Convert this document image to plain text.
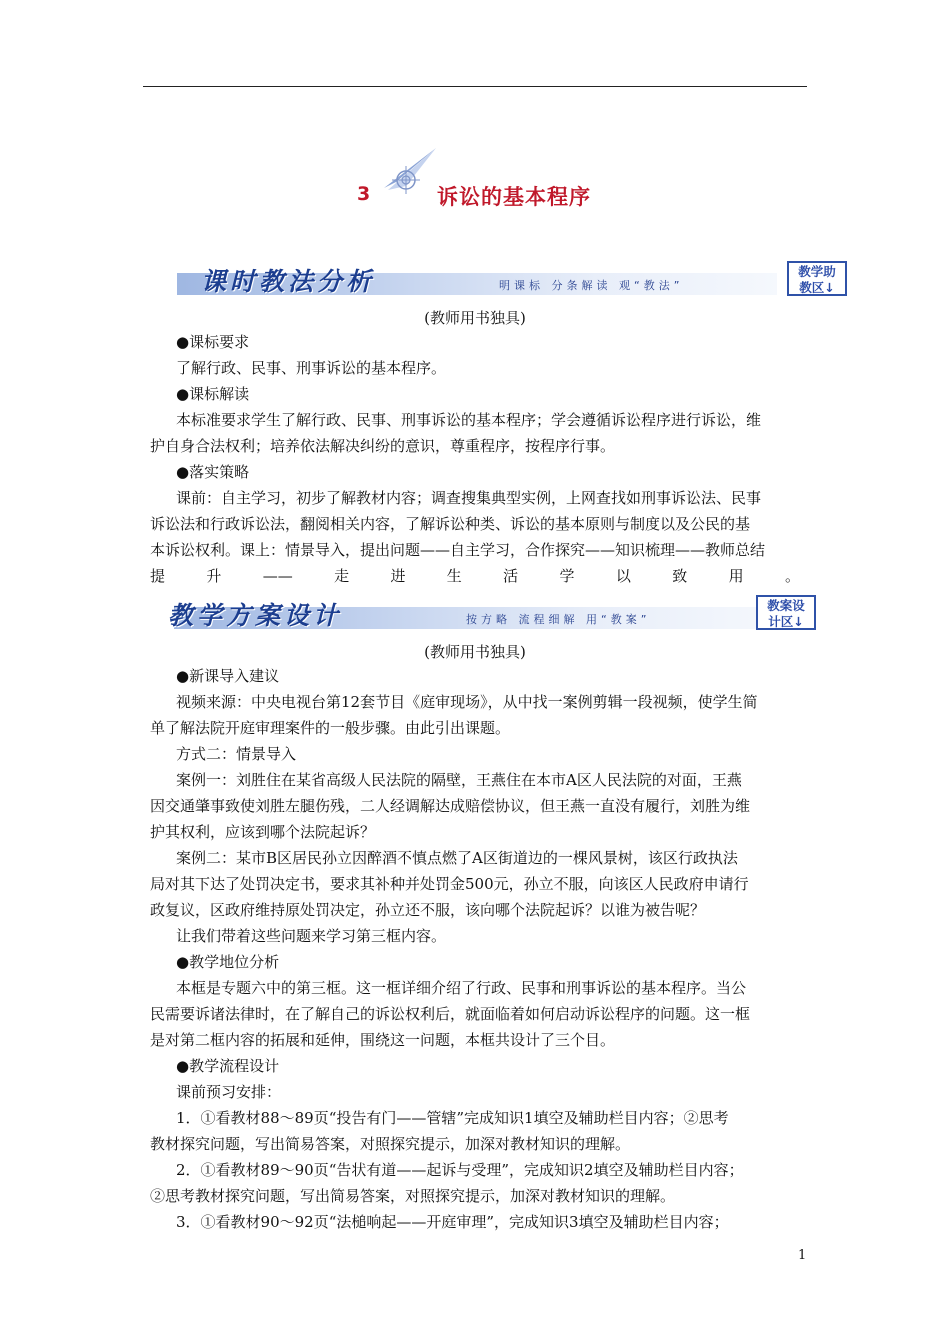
3	诉讼的基本程序
课时教法分析	明课标 分条解读 观“教法”
教学助
教区↓
(教师用书独具)
●课标要求
了解行政、民事、刑事诉讼的基本程序。
●课标解读
本标准要求学生了解行政、民事、刑事诉讼的基本程序；学会遵循诉讼程序进行诉讼，维
护自身合法权利；培养依法解决纠纷的意识，尊重程序，按程序行事。
●落实策略
课前：自主学习，初步了解教材内容；调查搜集典型实例，上网查找如刑事诉讼法、民事
诉讼法和行政诉讼法，翻阅相关内容，了解诉讼种类、诉讼的基本原则与制度以及公民的基
本诉讼权利。课上：情景导入，提出问题——自主学习，合作探究——知识梳理——教师总结
提升——走进生活学以致用。
教学方案设计	按方略 流程细解 用“教案”
教案设
计区↓
(教师用书独具)
●新课导入建议
视频来源：中央电视台第12套节目《庭审现场》，从中找一案例剪辑一段视频，使学生简
单了解法院开庭审理案件的一般步骤。由此引出课题。
方式二：情景导入
案例一：刘胜住在某省高级人民法院的隔壁，王燕住在本市A区人民法院的对面，王燕
因交通肇事致使刘胜左腿伤残，二人经调解达成赔偿协议，但王燕一直没有履行，刘胜为维
护其权利，应该到哪个法院起诉？
案例二：某市B区居民孙立因醉酒不慎点燃了A区街道边的一棵风景树，该区行政执法
局对其下达了处罚决定书，要求其补种并处罚金500元，孙立不服，向该区人民政府申请行
政复议，区政府维持原处罚决定，孙立还不服，该向哪个法院起诉？以谁为被告呢？
让我们带着这些问题来学习第三框内容。
●教学地位分析
本框是专题六中的第三框。这一框详细介绍了行政、民事和刑事诉讼的基本程序。当公
民需要诉诸法律时，在了解自己的诉讼权利后，就面临着如何启动诉讼程序的问题。这一框
是对第二框内容的拓展和延伸，围绕这一问题，本框共设计了三个目。
●教学流程设计
课前预习安排：
1．①看教材88～89页“投告有门——管辖”完成知识1填空及辅助栏目内容；②思考
教材探究问题，写出简易答案，对照探究提示，加深对教材知识的理解。
2．①看教材89～90页“告状有道——起诉与受理”，完成知识2填空及辅助栏目内容；
②思考教材探究问题，写出简易答案，对照探究提示，加深对教材知识的理解。
3．①看教材90～92页“法槌响起——开庭审理”，完成知识3填空及辅助栏目内容；
1
